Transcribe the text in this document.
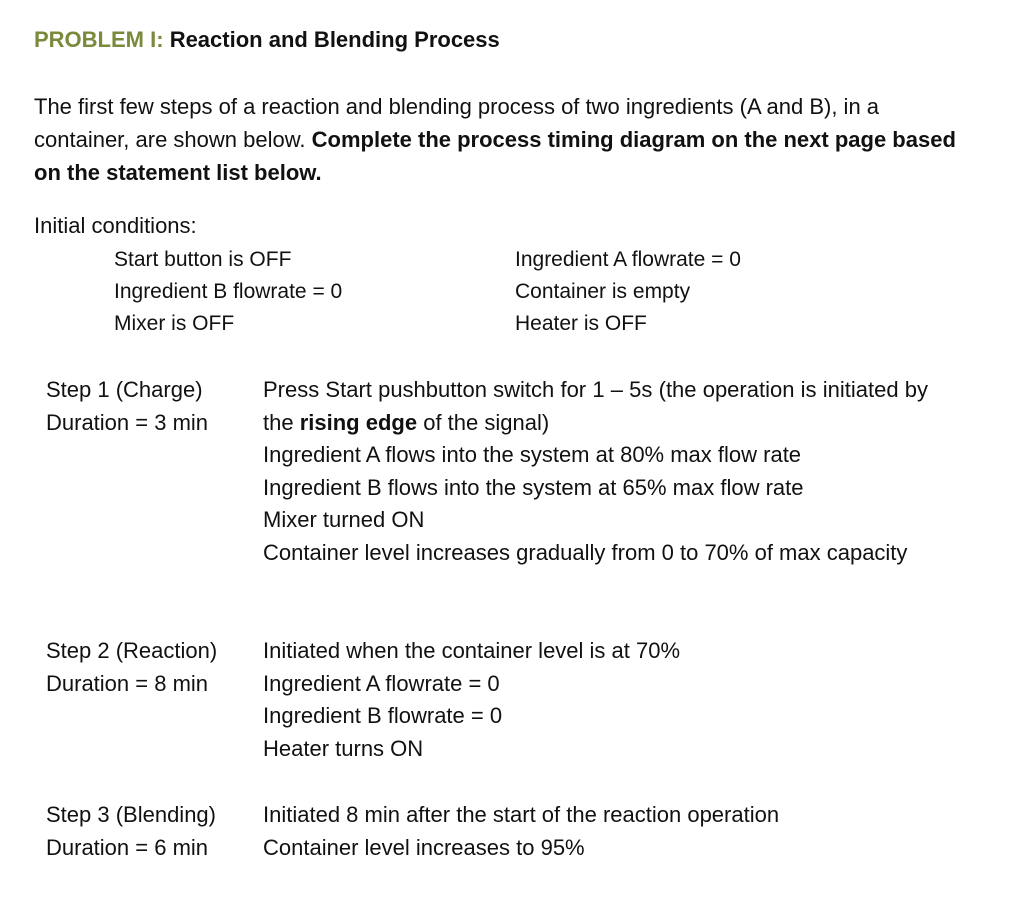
PROBLEM I: Reaction and Blending Process
The first few steps of a reaction and blending process of two ingredients (A and B), in a container, are shown below. Complete the process timing diagram on the next page based on the statement list below.
Initial conditions:
Start button is OFF
Ingredient B flowrate = 0
Mixer is OFF
Ingredient A flowrate = 0
Container is empty
Heater is OFF
Step 1 (Charge)
Duration = 3 min
Press Start pushbutton switch for 1 – 5s (the operation is initiated by the rising edge of the signal)
Ingredient A flows into the system at 80% max flow rate
Ingredient B flows into the system at 65% max flow rate
Mixer turned ON
Container level increases gradually from 0 to 70% of max capacity
Step 2 (Reaction)
Duration = 8 min
Initiated when the container level is at 70%
Ingredient A flowrate = 0
Ingredient B flowrate = 0
Heater turns ON
Step 3 (Blending)
Duration = 6 min
Initiated 8 min after the start of the reaction operation
Container level increases to 95%
